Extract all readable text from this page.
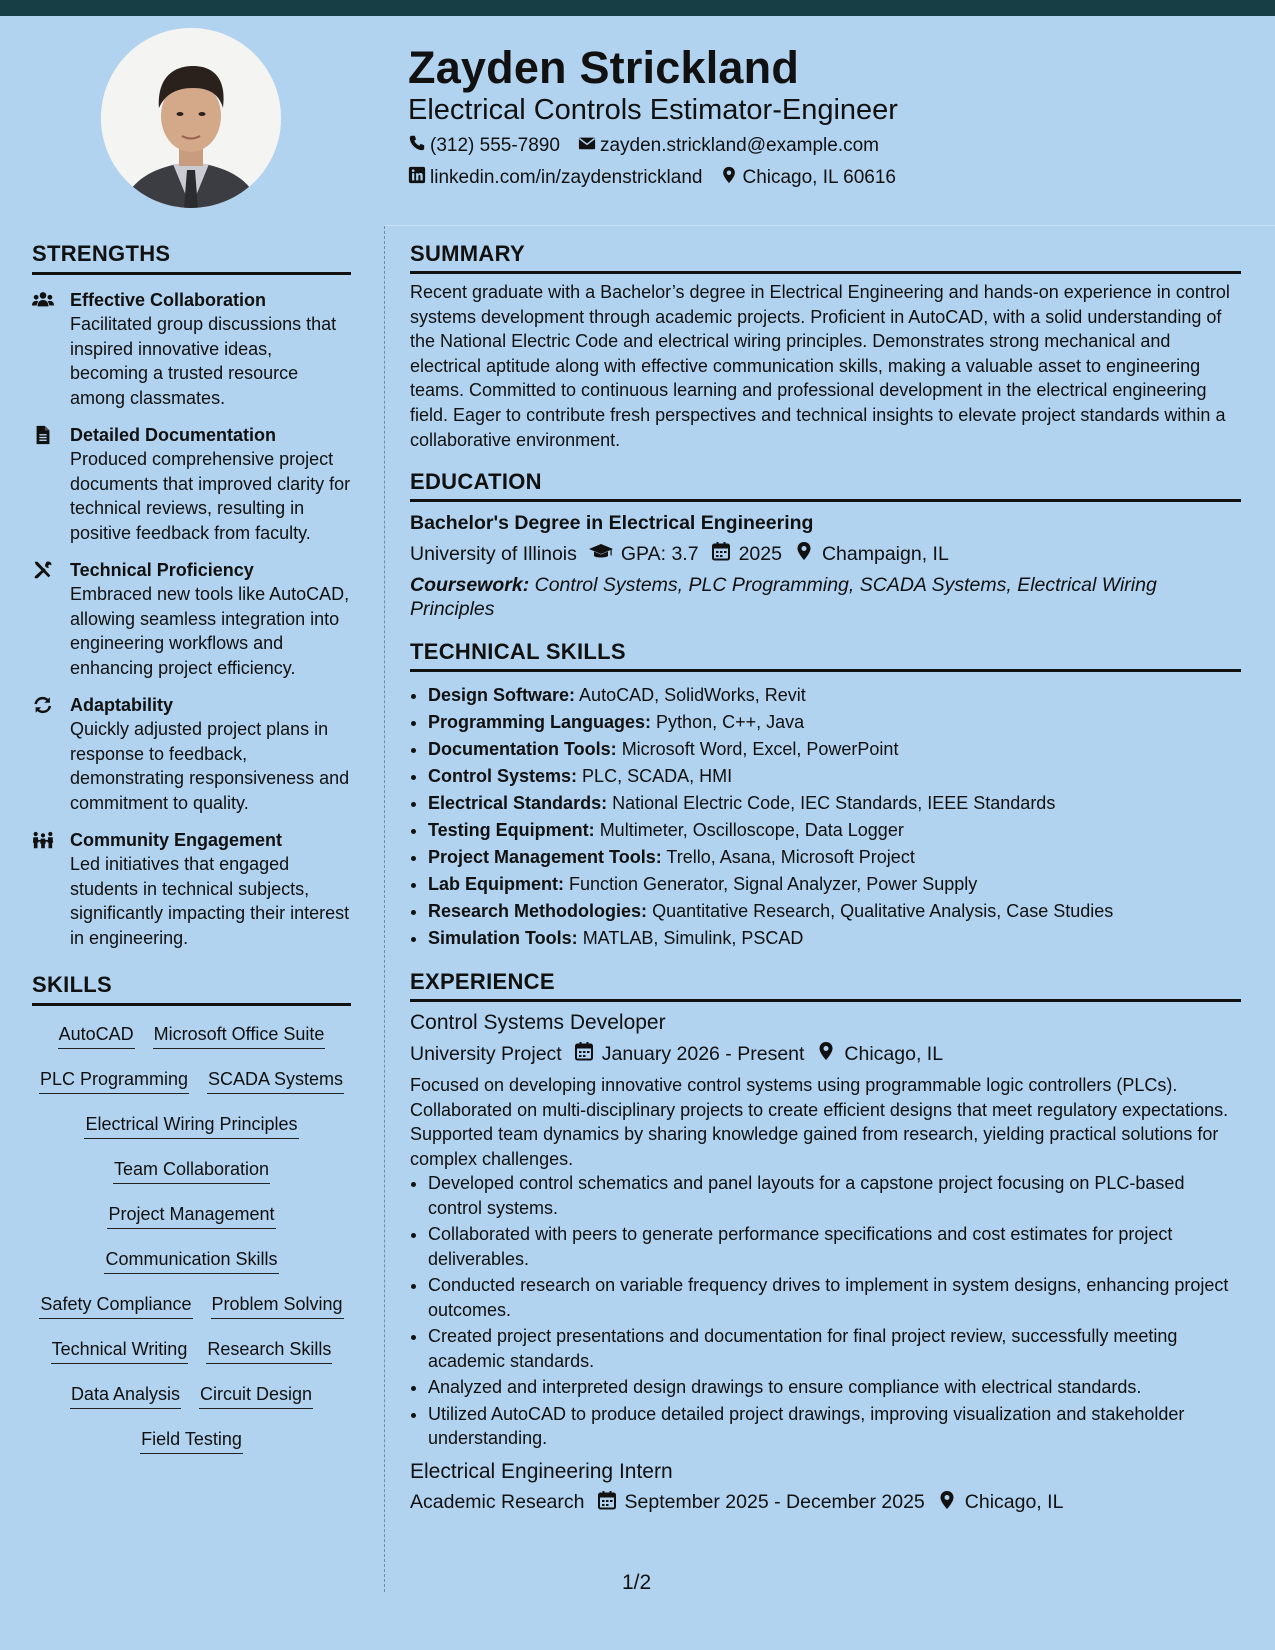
Zayden Strickland
Electrical Controls Estimator-Engineer
(312) 555-7890 zayden.strickland@example.com
linkedin.com/in/zaydenstrickland Chicago, IL 60616
STRENGTHS
Effective Collaboration

Facilitated group discussions that inspired innovative ideas, becoming a trusted resource among classmates.

Detailed Documentation

Produced comprehensive project documents that improved clarity for technical reviews, resulting in positive feedback from faculty.

Technical Proficiency

Embraced new tools like AutoCAD, allowing seamless integration into engineering workflows and enhancing project efficiency.

Adaptability

Quickly adjusted project plans in response to feedback, demonstrating responsiveness and commitment to quality.

Community Engagement

Led initiatives that engaged students in technical subjects, significantly impacting their interest in engineering.

SKILLS
AutoCAD Microsoft Office Suite
PLC Programming SCADA Systems
Electrical Wiring Principles
Team Collaboration
Project Management
Communication Skills
Safety Compliance Problem Solving
Technical Writing Research Skills
Data Analysis Circuit Design
Field Testing
SUMMARY

Recent graduate with a Bachelor’s degree in Electrical Engineering and hands-on experience in control systems development through academic projects. Proficient in AutoCAD, with a solid understanding of the National Electric Code and electrical wiring principles. Demonstrates strong mechanical and electrical aptitude along with effective communication skills, making a valuable asset to engineering teams. Committed to continuous learning and professional development in the electrical engineering field. Eager to contribute fresh perspectives and technical insights to elevate project standards within a collaborative environment.

EDUCATION
Bachelor's Degree in Electrical Engineering
University of Illinois GPA: 3.7 2025 Champaign, IL

Coursework: Control Systems, PLC Programming, SCADA Systems, Electrical Wiring Principles

TECHNICAL SKILLS
• Design Software: AutoCAD, SolidWorks, Revit
• Programming Languages: Python, C++, Java
• Documentation Tools: Microsoft Word, Excel, PowerPoint
• Control Systems: PLC, SCADA, HMI
• Electrical Standards: National Electric Code, IEC Standards, IEEE Standards
• Testing Equipment: Multimeter, Oscilloscope, Data Logger
• Project Management Tools: Trello, Asana, Microsoft Project
• Lab Equipment: Function Generator, Signal Analyzer, Power Supply
• Research Methodologies: Quantitative Research, Qualitative Analysis, Case Studies
• Simulation Tools: MATLAB, Simulink, PSCAD
EXPERIENCE
Control Systems Developer
University Project January 2026 - Present Chicago, IL

Focused on developing innovative control systems using programmable logic controllers (PLCs). Collaborated on multi-disciplinary projects to create efficient designs that meet regulatory expectations. Supported team dynamics by sharing knowledge gained from research, yielding practical solutions for complex challenges.

• Developed control schematics and panel layouts for a capstone project focusing on PLC-based control systems.
• Collaborated with peers to generate performance specifications and cost estimates for project deliverables.
• Conducted research on variable frequency drives to implement in system designs, enhancing project outcomes.
• Created project presentations and documentation for final project review, successfully meeting academic standards.
• Analyzed and interpreted design drawings to ensure compliance with electrical standards.
• Utilized AutoCAD to produce detailed project drawings, improving visualization and stakeholder understanding.
Electrical Engineering Intern
Academic Research September 2025 - December 2025 Chicago, IL
1/2
